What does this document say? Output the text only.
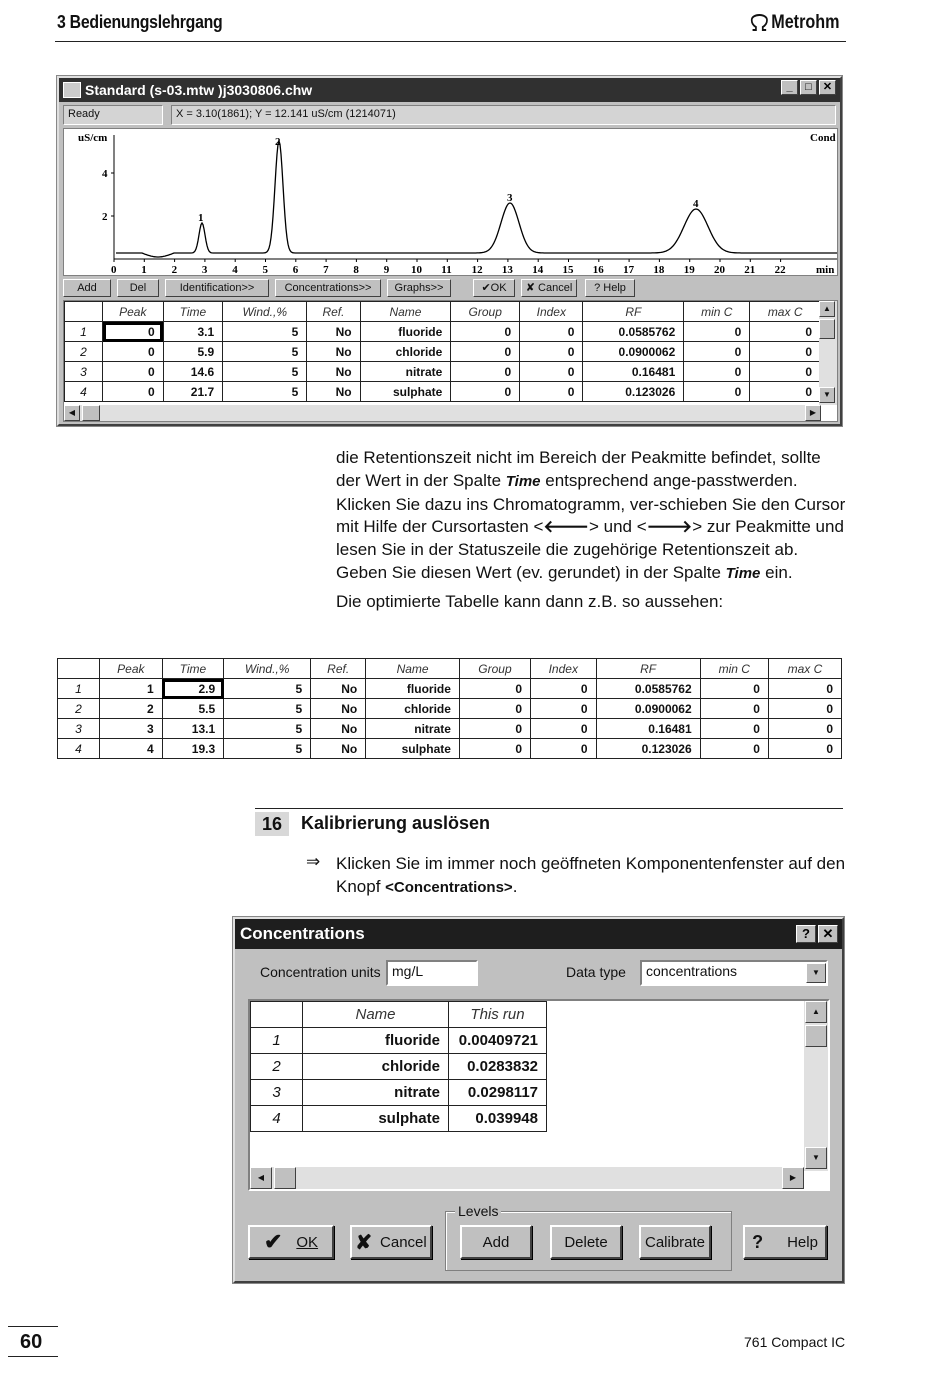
3 Bedienungslehrgang	Metrohm
Standard (s-03.mtw )j3030806.chw	_	□	✕
Ready	X = 3.10(1861); Y = 12.141 uS/cm (1214071)
uS/cm	Cond
4
2
0 1 2 3 4 5 6 7 8 9 10 11 12 13 14 15 16 17 18 19 20 21 22	min
1
2
3	4
Add	Del	Identification>>	Concentrations>>	Graphs>>	✔OK	✘ Cancel	? Help
	Peak	Time	Wind.,%	Ref.	Name	Group	Index	RF	min C	max C
1	0	3.1	5	No	fluoride	0	0	0.0585762	0	0
2	0	5.9	5	No	chloride	0	0	0.0900062	0	0
3	0	14.6	5	No	nitrate	0	0	0.16481	0	0
4	0	21.7	5	No	sulphate	0	0	0.123026	0	0
▲
▼
◀	▶

die Retentionszeit nicht im Bereich der Peakmitte befindet, sollte der Wert in der Spalte Time entsprechend ange-passtwerden. Klicken Sie dazu ins Chromatogramm, ver-schieben Sie den Cursor mit Hilfe der Cursortasten <🡐> und <🡒> zur Peakmitte und lesen Sie in der Statuszeile die zugehörige Retentionszeit ab. Geben Sie diesen Wert (ev. gerundet) in der Spalte Time ein.

Die optimierte Tabelle kann dann z.B. so aussehen:

	Peak	Time	Wind.,%	Ref.	Name	Group	Index	RF	min C	max C
1	1	2.9	5	No	fluoride	0	0	0.0585762	0	0
2	2	5.5	5	No	chloride	0	0	0.0900062	0	0
3	3	13.1	5	No	nitrate	0	0	0.16481	0	0
4	4	19.3	5	No	sulphate	0	0	0.123026	0	0
16	Kalibrierung auslösen
⇒ Klicken Sie im immer noch geöffneten Komponentenfenster auf den Knopf <Concentrations>.
Concentrations	? ✕
Concentration units mg/L	Data type	concentrations	▼
	Name	This run
1	fluoride	0.00409721
2	chloride	0.0283832
3	nitrate	0.0298117
4	sulphate	0.039948
▲
▼
◀	▶
Levels
✔ OK ✘ Cancel	Add	Delete Calibrate	? Help
60	761 Compact IC
